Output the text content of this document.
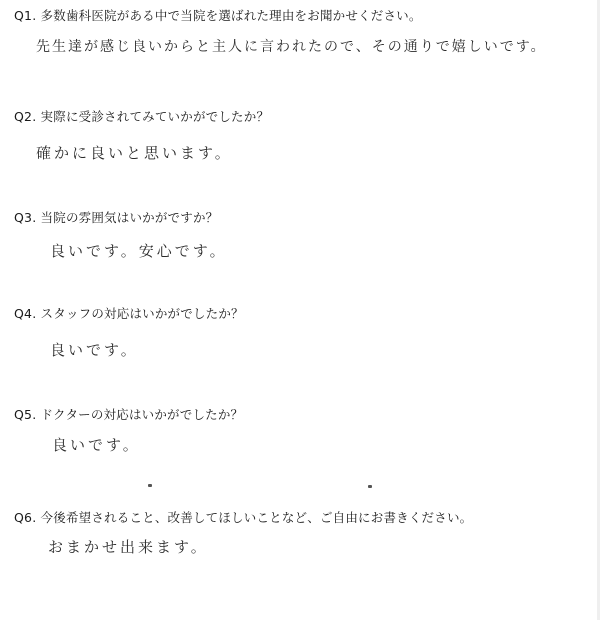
Q1. 多数歯科医院がある中で当院を選ばれた理由をお聞かせください。
先生達が感じ良いからと主人に言われたので、その通りで嬉しいです。
Q2. 実際に受診されてみていかがでしたか？
確かに良いと思います。
Q3. 当院の雰囲気はいかがですか？
良いです。安心です。
Q4. スタッフの対応はいかがでしたか？
良いです。
Q5. ドクターの対応はいかがでしたか？
良いです。
Q6. 今後希望されること、改善してほしいことなど、ご自由にお書きください。
おまかせ出来ます。
